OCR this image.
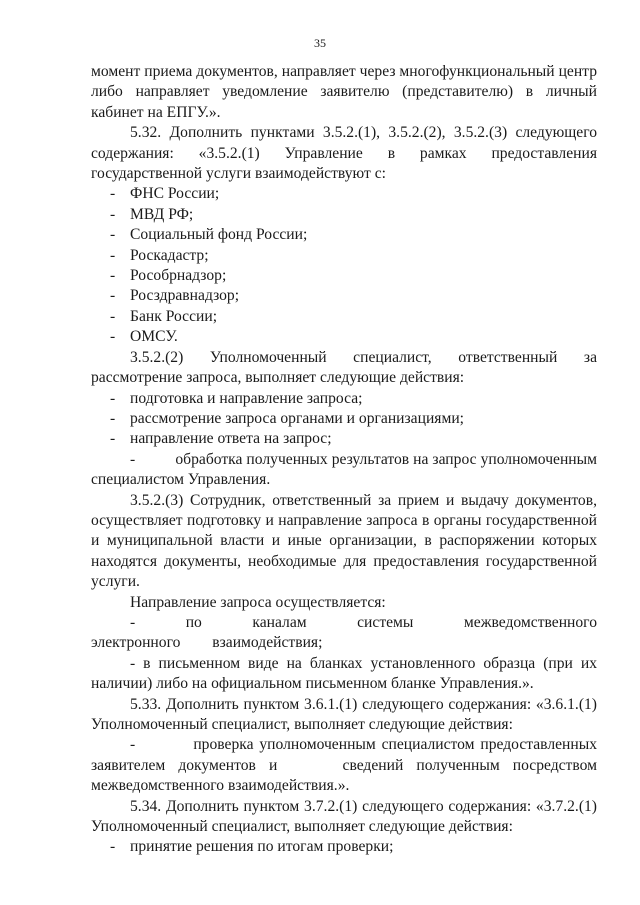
35

момент приема документов, направляет через многофункциональный центр либо направляет уведомление заявителю (представителю) в личный кабинет на ЕПГУ.».

5.32. Дополнить пунктами 3.5.2.(1), 3.5.2.(2), 3.5.2.(3) следующего содержания: «3.5.2.(1) Управление в рамках предоставления государственной услуги взаимодействуют с:

- ФНС России;

- МВД РФ;

- Социальный фонд России;

- Роскадастр;

- Рособрнадзор;

- Росздравнадзор;

- Банк России;

- ОМСУ.

3.5.2.(2) Уполномоченный специалист, ответственный за рассмотрение запроса, выполняет следующие действия:

- подготовка и направление запроса;

- рассмотрение запроса органами и организациями;

- направление ответа на запрос;

-          обработка полученных результатов на запрос уполномоченным специалистом Управления.

3.5.2.(3) Сотрудник, ответственный за прием и выдачу документов, осуществляет подготовку и направление запроса в органы государственной и муниципальной власти и иные организации, в распоряжении которых находятся документы, необходимые для предоставления государственной услуги.

Направление запроса осуществляется:

- по каналам системы межведомственного электронного взаимодействия;

- в письменном виде на бланках установленного образца (при их наличии) либо на официальном письменном бланке Управления.».

5.33. Дополнить пунктом 3.6.1.(1) следующего содержания: «3.6.1.(1) Уполномоченный специалист, выполняет следующие действия:

-          проверка уполномоченным специалистом предоставленных заявителем документов и     сведений полученным посредством межведомственного взаимодействия.».

5.34. Дополнить пунктом 3.7.2.(1) следующего содержания: «3.7.2.(1) Уполномоченный специалист, выполняет следующие действия:

- принятие решения по итогам проверки;
